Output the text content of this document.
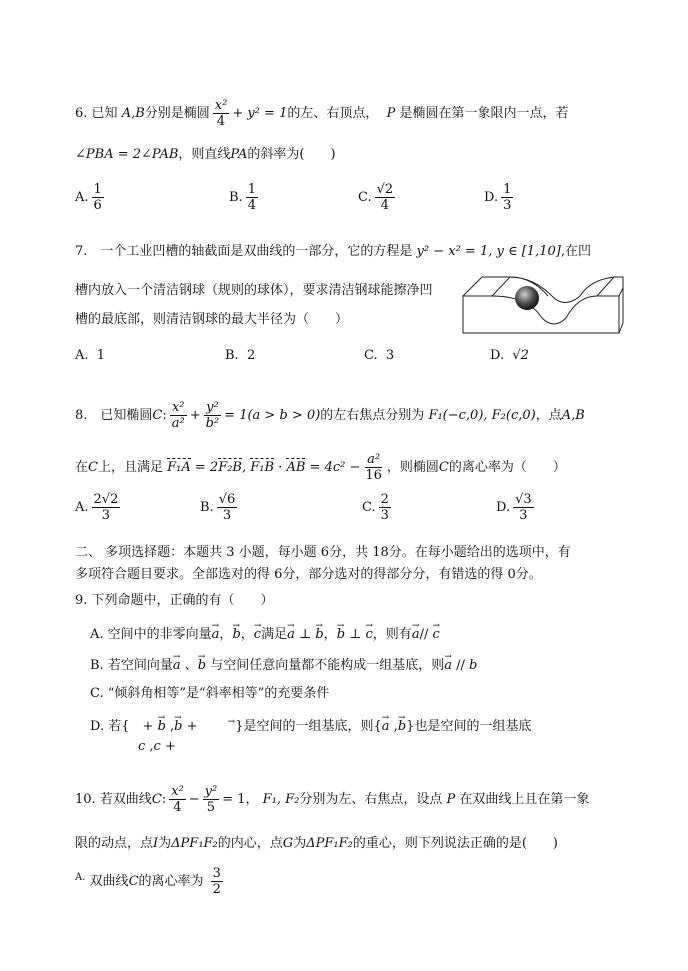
6. 已知 A,B分别是椭圆 $\frac{\text{x²}}{4} + y^2 = 1$的左、右顶点， P 是椭圆在第一象限内一点，若
∠PBA = 2∠PAB，则直线PA的斜率为(　　)
A. $\frac{1}{6}$	B. $\frac{1}{4}$	C. $\frac{√2}{4}$	D. $\frac{1}{3}$
7.　一个工业凹槽的轴截面是双曲线的一部分，它的方程是 y² − x² = 1, y ∈ [1,10],在凹
槽内放入一个清洁钢球（规则的球体），要求清洁钢球能擦净凹
槽的最底部，则清洁钢球的最大半径为（　　）
A. 1	B. 2	C. 3	D. √2
8.　已知椭圆C: $\frac{\text{x²}}{\text{a²}} + \frac{\text{y²}}{\text{b²}} = 1(a > b > 0)$的左右焦点分别为 F₁(−c,0), F₂(c,0)，点A,B
在C上，且满足 F₁A = 2F₂B, F₁B · AB = $4c^2 - \frac{\text{a²}}{16}$ ，则椭圆C的离心率为（　　）
A. $\frac{2√2}{3}$	B. $\frac{√6}{3}$	C. $\frac{2}{3}$	D. $\frac{√3}{3}$
二、 多项选择题：本题共 3 小题，每小题 6分，共 18分。在每小题给出的选项中，有
多项符合题目要求。全部选对的得 6分，部分选对的得部分分，有错选的得 0分。
9. 下列命题中，正确的有（　　）
A. 空间中的非零向量→ a，→ b，→ c满足→ a ⊥ → b，→ b ⊥ → c，则有→ a// → c
B. 若空间向量→ a 、→ b 与空间任意向量都不能构成一组基底，则→ a // b
C. “倾斜角相等”是“斜率相等”的充要条件
D. 若{　+ → b ,→ b +　　	→}是空间的一组基底，则{→ a ,→ b}也是空间的一组基底
c ,c +
10. 若双曲线C: $\frac{\text{x²}}{4} - \frac{\text{y²}}{5} = 1$， F₁, F₂分别为左、右焦点，设点 P 在双曲线上且在第一象
限的动点，点I为ΔPF₁F₂的内心，点G为ΔPF₁F₂的重心，则下列说法正确的是(　　)
$^{A.}$ 双曲线C的离心率为 $\frac{3}{2}$
